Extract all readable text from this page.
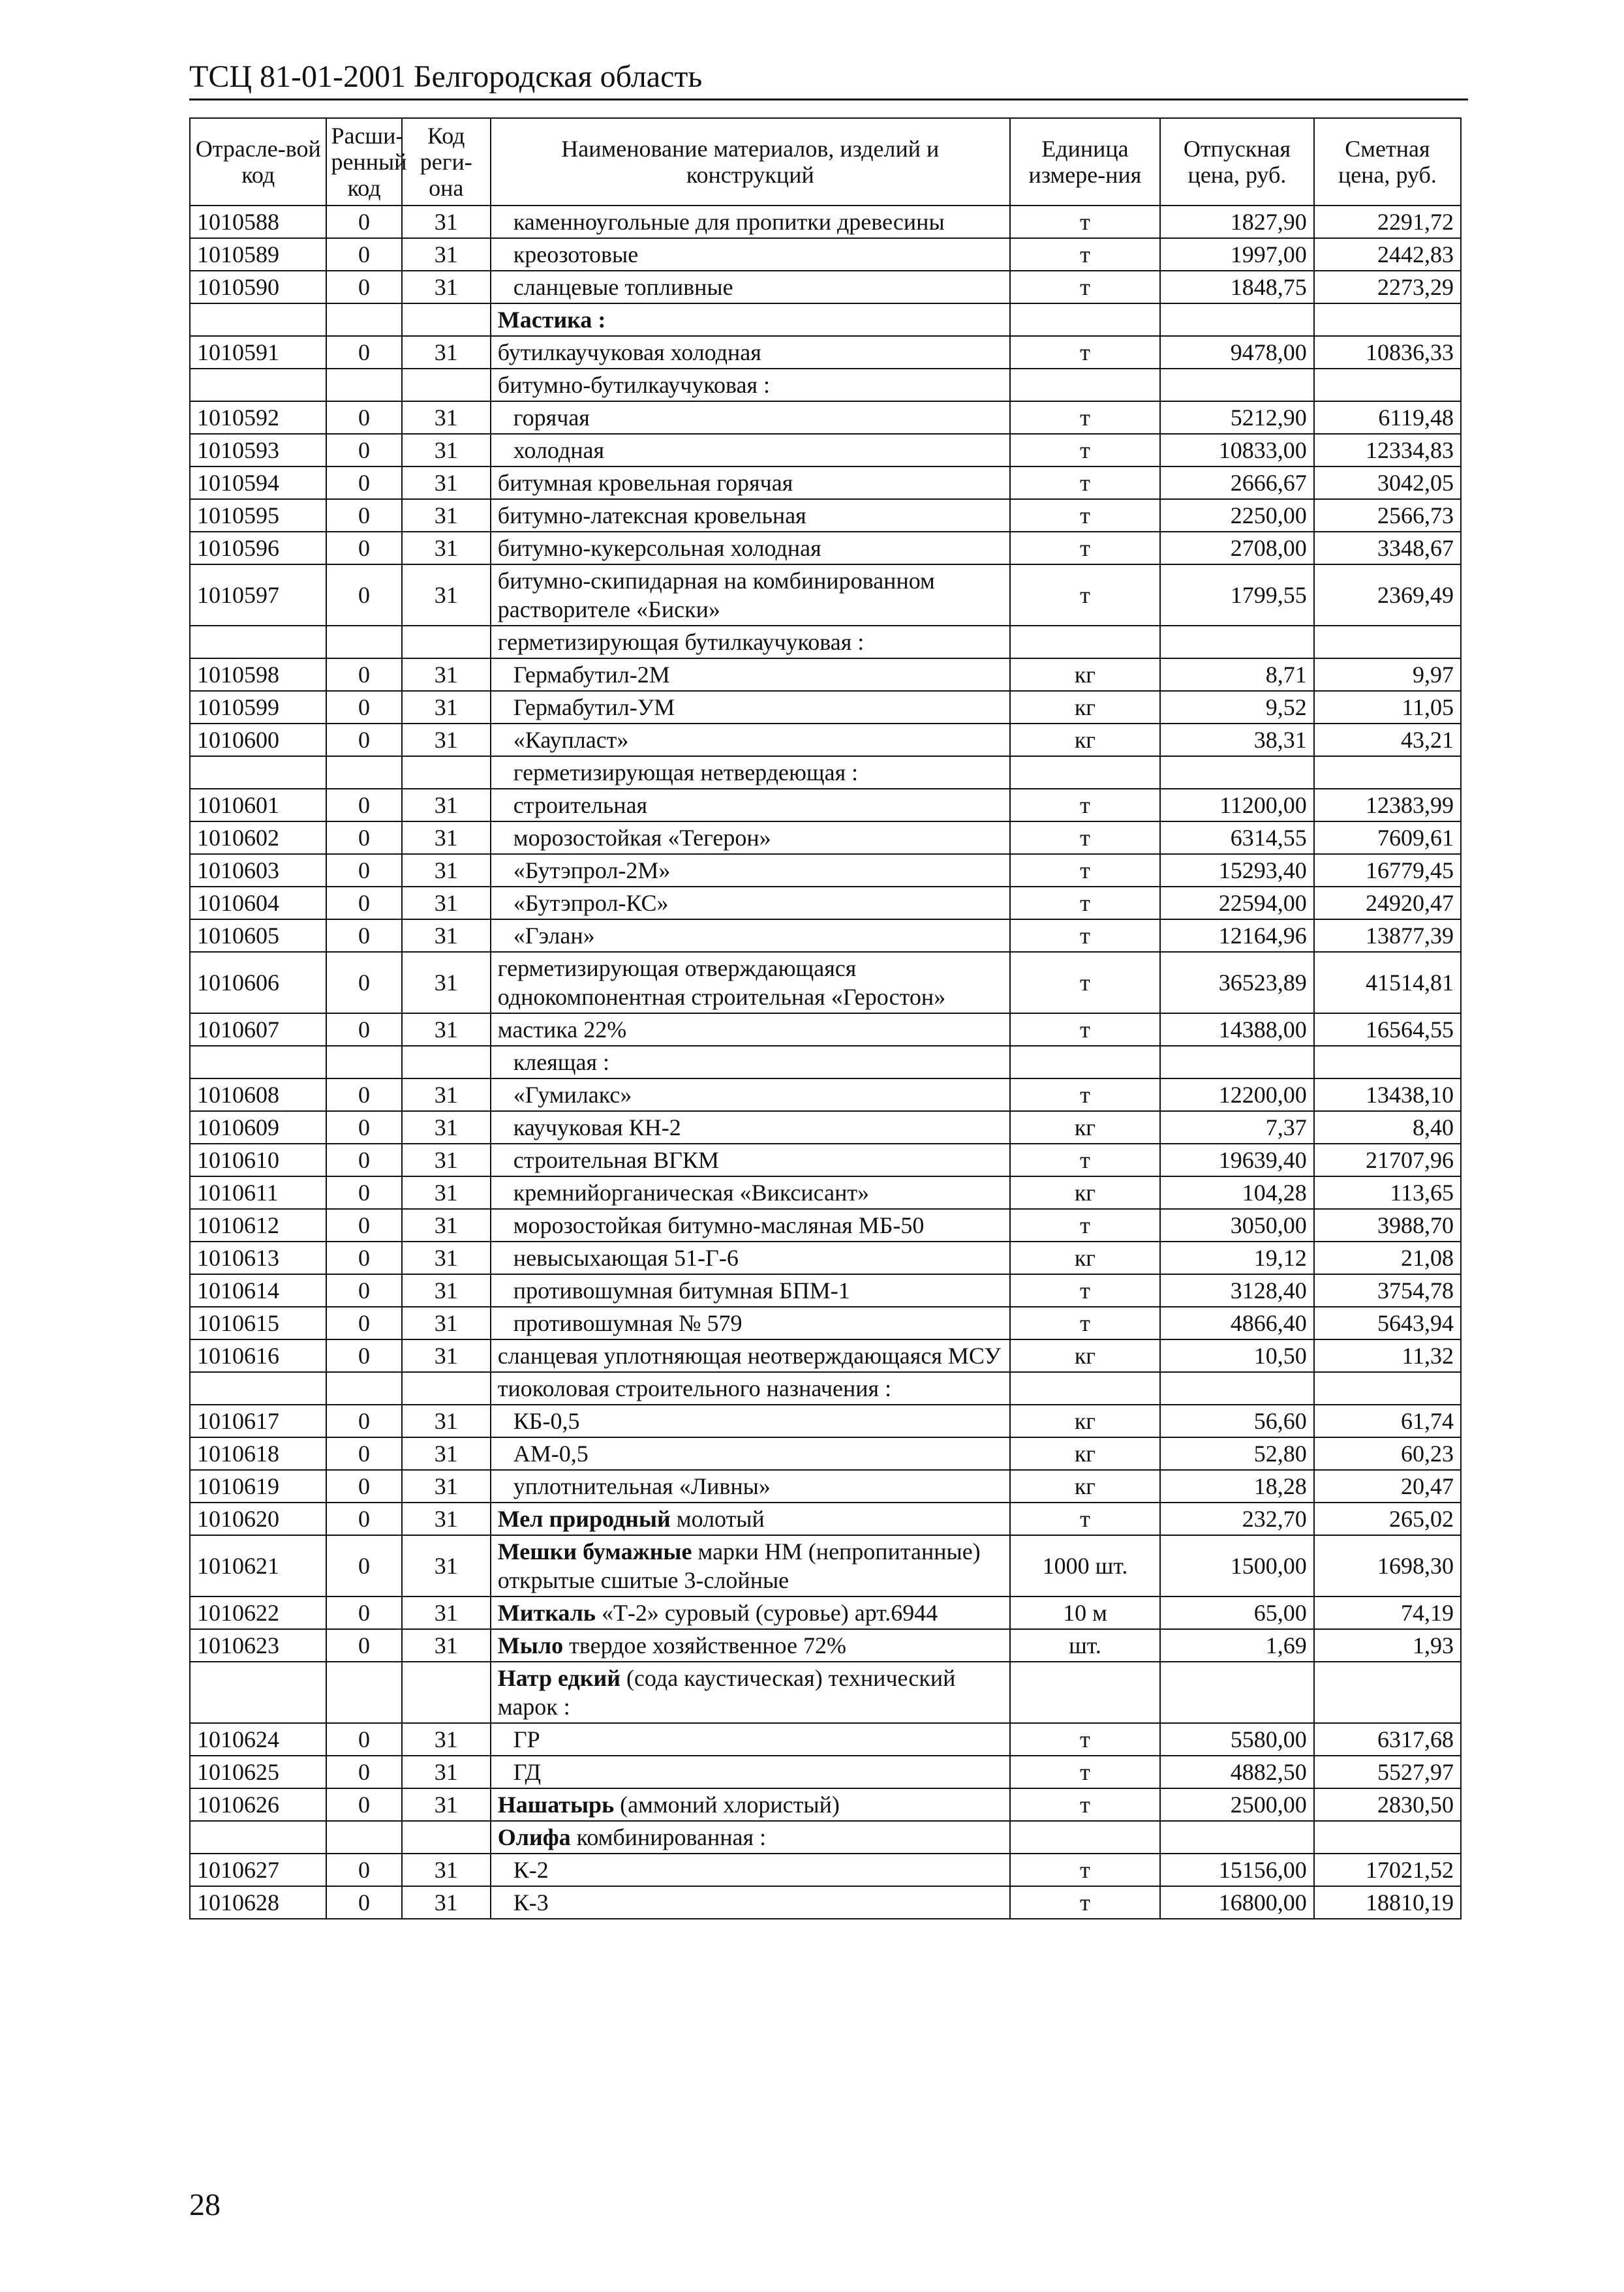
ТСЦ 81-01-2001 Белгородская область
Отрасле-вой код	Расши-ренный код	Код реги-она	Наименование материалов, изделий и конструкций	Единица измере-ния	Отпускная цена, руб.	Сметная цена, руб.
1010588	0	31	каменноугольные для пропитки древесины	т	1827,90	2291,72
1010589	0	31	креозотовые	т	1997,00	2442,83
1010590	0	31	сланцевые топливные	т	1848,75	2273,29
			Мастика :			
1010591	0	31	бутилкаучуковая холодная	т	9478,00	10836,33
			битумно-бутилкаучуковая :			
1010592	0	31	горячая	т	5212,90	6119,48
1010593	0	31	холодная	т	10833,00	12334,83
1010594	0	31	битумная кровельная горячая	т	2666,67	3042,05
1010595	0	31	битумно-латексная кровельная	т	2250,00	2566,73
1010596	0	31	битумно-кукерсольная холодная	т	2708,00	3348,67
1010597	0	31	битумно-скипидарная на комбинированном растворителе «Биски»	т	1799,55	2369,49
			герметизирующая бутилкаучуковая :			
1010598	0	31	Гермабутил-2М	кг	8,71	9,97
1010599	0	31	Гермабутил-УМ	кг	9,52	11,05
1010600	0	31	«Каупласт»	кг	38,31	43,21
			герметизирующая нетвердеющая :			
1010601	0	31	строительная	т	11200,00	12383,99
1010602	0	31	морозостойкая «Тегерон»	т	6314,55	7609,61
1010603	0	31	«Бутэпрол-2М»	т	15293,40	16779,45
1010604	0	31	«Бутэпрол-КС»	т	22594,00	24920,47
1010605	0	31	«Гэлан»	т	12164,96	13877,39
1010606	0	31	герметизирующая отверждающаяся однокомпонентная строительная «Геростон»	т	36523,89	41514,81
1010607	0	31	мастика 22%	т	14388,00	16564,55
			клеящая :			
1010608	0	31	«Гумилакс»	т	12200,00	13438,10
1010609	0	31	каучуковая КН-2	кг	7,37	8,40
1010610	0	31	строительная ВГКМ	т	19639,40	21707,96
1010611	0	31	кремнийорганическая «Виксисант»	кг	104,28	113,65
1010612	0	31	морозостойкая битумно-масляная МБ-50	т	3050,00	3988,70
1010613	0	31	невысыхающая 51-Г-6	кг	19,12	21,08
1010614	0	31	противошумная битумная БПМ-1	т	3128,40	3754,78
1010615	0	31	противошумная № 579	т	4866,40	5643,94
1010616	0	31	сланцевая уплотняющая неотверждающаяся МСУ	кг	10,50	11,32
			тиоколовая строительного назначения :			
1010617	0	31	КБ-0,5	кг	56,60	61,74
1010618	0	31	АМ-0,5	кг	52,80	60,23
1010619	0	31	уплотнительная «Ливны»	кг	18,28	20,47
1010620	0	31	Мел природный молотый	т	232,70	265,02
1010621	0	31	Мешки бумажные марки НМ (непропитанные) открытые сшитые 3-слойные	1000 шт.	1500,00	1698,30
1010622	0	31	Миткаль «Т-2» суровый (суровье) арт.6944	10 м	65,00	74,19
1010623	0	31	Мыло твердое хозяйственное 72%	шт.	1,69	1,93
			Натр едкий (сода каустическая) технический марок :			
1010624	0	31	ГР	т	5580,00	6317,68
1010625	0	31	ГД	т	4882,50	5527,97
1010626	0	31	Нашатырь (аммоний хлористый)	т	2500,00	2830,50
			Олифа комбинированная :			
1010627	0	31	К-2	т	15156,00	17021,52
1010628	0	31	К-3	т	16800,00	18810,19
28
